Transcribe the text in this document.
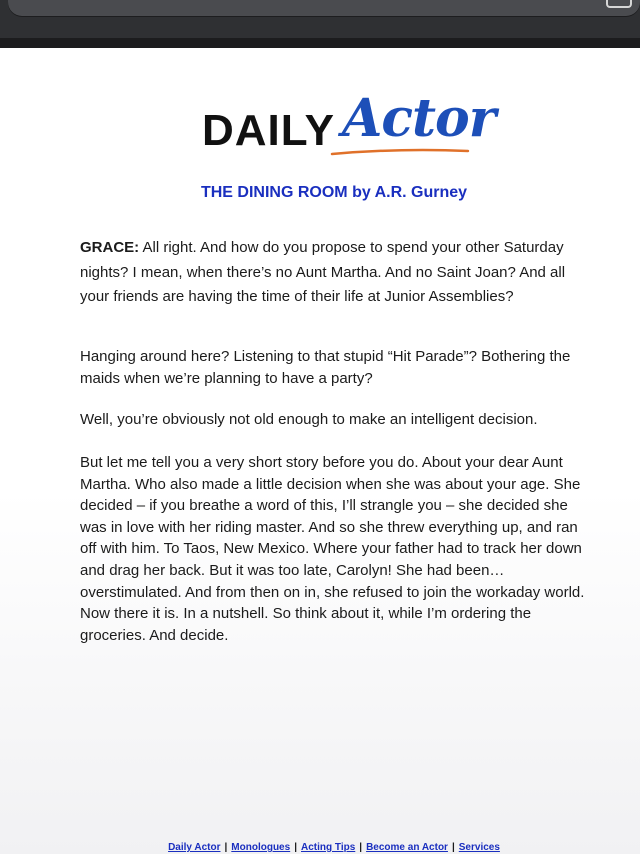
DAILY Actor
THE DINING ROOM by A.R. Gurney

GRACE: All right. And how do you propose to spend your other Saturday nights? I mean, when there’s no Aunt Martha. And no Saint Joan? And all your friends are having the time of their life at Junior Assemblies?

Hanging around here? Listening to that stupid “Hit Parade”? Bothering the maids when we’re planning to have a party?

Well, you’re obviously not old enough to make an intelligent decision.

But let me tell you a very short story before you do. About your dear Aunt Martha. Who also made a little decision when she was about your age. She decided – if you breathe a word of this, I’ll strangle you – she decided she was in love with her riding master. And so she threw everything up, and ran off with him. To Taos, New Mexico. Where your father had to track her down and drag her back. But it was too late, Carolyn! She had been… overstimulated. And from then on in, she refused to join the workaday world. Now there it is. In a nutshell. So think about it, while I’m ordering the groceries. And decide.

Daily Actor | Monologues | Acting Tips | Become an Actor | Services
